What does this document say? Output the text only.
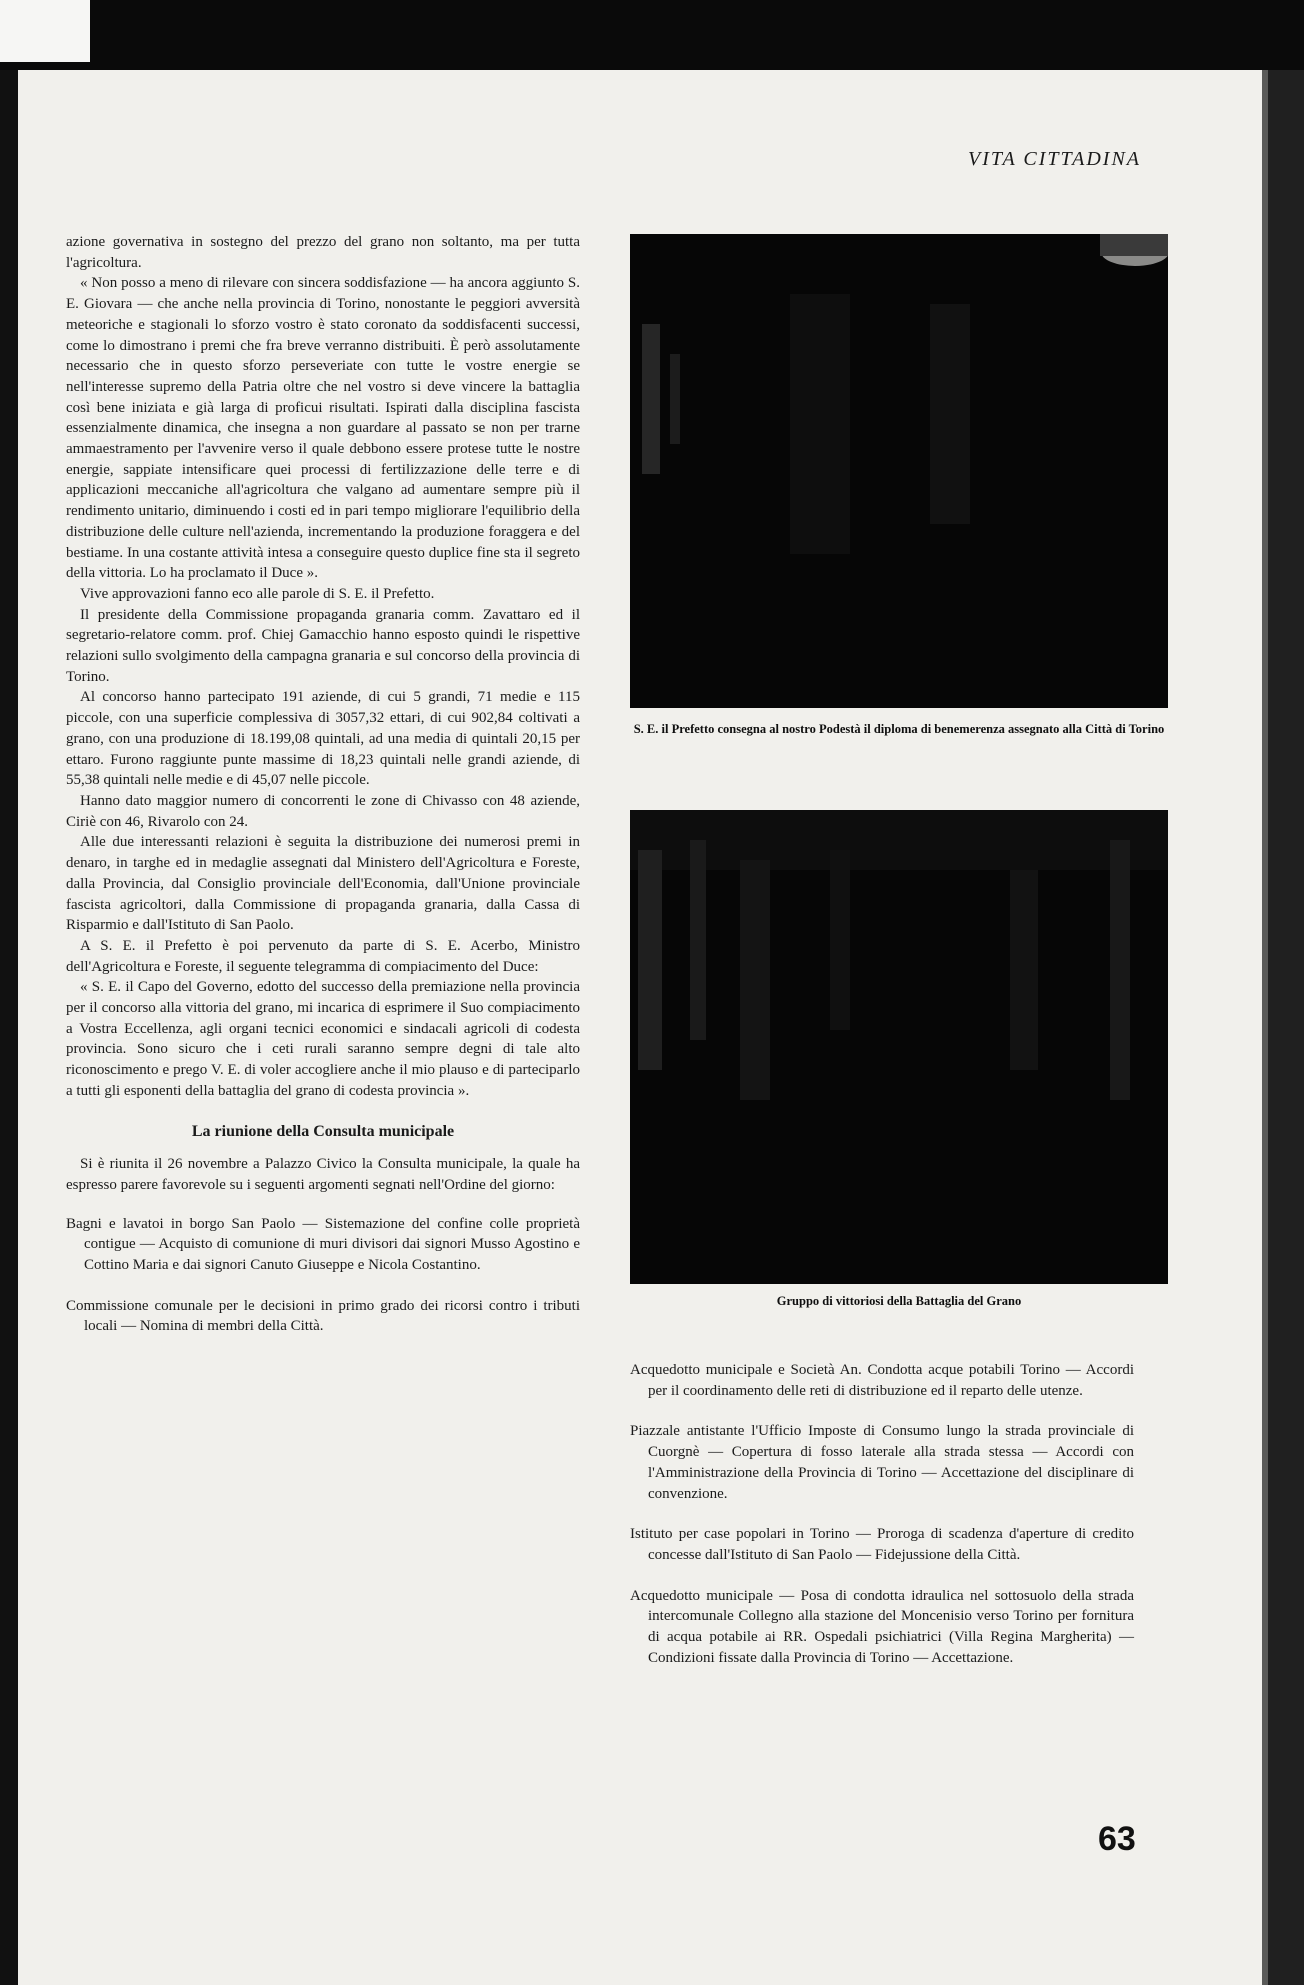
VITA CITTADINA

azione governativa in sostegno del prezzo del grano non soltanto, ma per tutta l'agricoltura.

« Non posso a meno di rilevare con sincera soddisfazione — ha ancora aggiunto S. E. Giovara — che anche nella provincia di Torino, nonostante le peggiori avversità meteoriche e stagionali lo sforzo vostro è stato coronato da soddisfacenti successi, come lo dimostrano i premi che fra breve verranno distribuiti. È però assolutamente necessario che in questo sforzo perseveriate con tutte le vostre energie se nell'interesse supremo della Patria oltre che nel vostro si deve vincere la battaglia così bene iniziata e già larga di proficui risultati. Ispirati dalla disciplina fascista essenzialmente dinamica, che insegna a non guardare al passato se non per trarne ammaestramento per l'avvenire verso il quale debbono essere protese tutte le nostre energie, sappiate intensificare quei processi di fertilizzazione delle terre e di applicazioni meccaniche all'agricoltura che valgano ad aumentare sempre più il rendimento unitario, diminuendo i costi ed in pari tempo migliorare l'equilibrio della distribuzione delle culture nell'azienda, incrementando la produzione foraggera e del bestiame. In una costante attività intesa a conseguire questo duplice fine sta il segreto della vittoria. Lo ha proclamato il Duce ».

Vive approvazioni fanno eco alle parole di S. E. il Prefetto.

Il presidente della Commissione propaganda granaria comm. Zavattaro ed il segretario-relatore comm. prof. Chiej Gamacchio hanno esposto quindi le rispettive relazioni sullo svolgimento della campagna granaria e sul concorso della provincia di Torino.

Al concorso hanno partecipato 191 aziende, di cui 5 grandi, 71 medie e 115 piccole, con una superficie complessiva di 3057,32 ettari, di cui 902,84 coltivati a grano, con una produzione di 18.199,08 quintali, ad una media di quintali 20,15 per ettaro. Furono raggiunte punte massime di 18,23 quintali nelle grandi aziende, di 55,38 quintali nelle medie e di 45,07 nelle piccole.

Hanno dato maggior numero di concorrenti le zone di Chivasso con 48 aziende, Ciriè con 46, Rivarolo con 24.

Alle due interessanti relazioni è seguita la distribuzione dei numerosi premi in denaro, in targhe ed in medaglie assegnati dal Ministero dell'Agricoltura e Foreste, dalla Provincia, dal Consiglio provinciale dell'Economia, dall'Unione provinciale fascista agricoltori, dalla Commissione di propaganda granaria, dalla Cassa di Risparmio e dall'Istituto di San Paolo.

A S. E. il Prefetto è poi pervenuto da parte di S. E. Acerbo, Ministro dell'Agricoltura e Foreste, il seguente telegramma di compiacimento del Duce:

« S. E. il Capo del Governo, edotto del successo della premiazione nella provincia per il concorso alla vittoria del grano, mi incarica di esprimere il Suo compiacimento a Vostra Eccellenza, agli organi tecnici economici e sindacali agricoli di codesta provincia. Sono sicuro che i ceti rurali saranno sempre degni di tale alto riconoscimento e prego V. E. di voler accogliere anche il mio plauso e di parteciparlo a tutti gli esponenti della battaglia del grano di codesta provincia ».

La riunione della Consulta municipale

Si è riunita il 26 novembre a Palazzo Civico la Consulta municipale, la quale ha espresso parere favorevole su i seguenti argomenti segnati nell'Ordine del giorno:

Bagni e lavatoi in borgo San Paolo — Sistemazione del confine colle proprietà contigue — Acquisto di comunione di muri divisori dai signori Musso Agostino e Cottino Maria e dai signori Canuto Giuseppe e Nicola Costantino.

Commissione comunale per le decisioni in primo grado dei ricorsi contro i tributi locali — Nomina di membri della Città.

S. E. il Prefetto consegna al nostro Podestà il diploma di benemerenza assegnato alla Città di Torino
Gruppo di vittoriosi della Battaglia del Grano

Acquedotto municipale e Società An. Condotta acque potabili Torino — Accordi per il coordinamento delle reti di distribuzione ed il reparto delle utenze.

Piazzale antistante l'Ufficio Imposte di Consumo lungo la strada provinciale di Cuorgnè — Copertura di fosso laterale alla strada stessa — Accordi con l'Amministrazione della Provincia di Torino — Accettazione del disciplinare di convenzione.

Istituto per case popolari in Torino — Proroga di scadenza d'aperture di credito concesse dall'Istituto di San Paolo — Fidejussione della Città.

Acquedotto municipale — Posa di condotta idraulica nel sottosuolo della strada intercomunale Collegno alla stazione del Moncenisio verso Torino per fornitura di acqua potabile ai RR. Ospedali psichiatrici (Villa Regina Margherita) — Condizioni fissate dalla Provincia di Torino — Accettazione.

63
